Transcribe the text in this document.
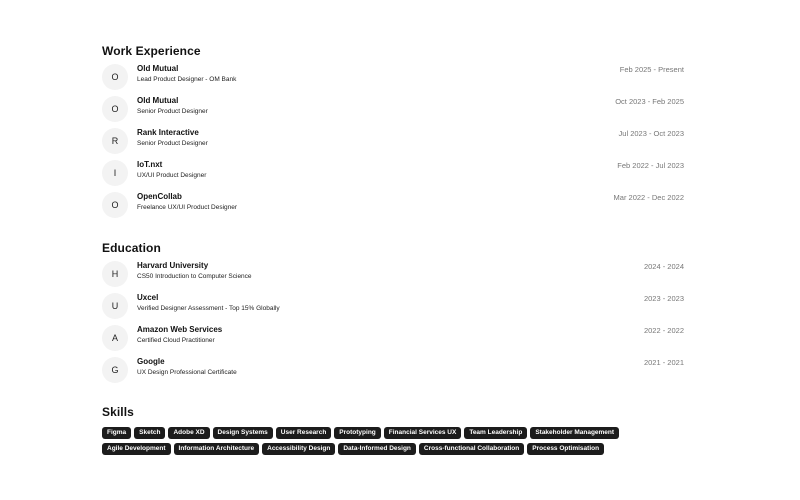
Work Experience
O
Old Mutual
Lead Product Designer - OM Bank
Feb 2025 - Present
O
Old Mutual
Senior Product Designer
Oct 2023 - Feb 2025
R
Rank Interactive
Senior Product Designer
Jul 2023 - Oct 2023
I
IoT.nxt
UX/UI Product Designer
Feb 2022 - Jul 2023
O
OpenCollab
Freelance UX/UI Product Designer
Mar 2022 - Dec 2022
Education
H
Harvard University
CS50 Introduction to Computer Science
2024 - 2024
U
Uxcel
Verified Designer Assessment - Top 15% Globally
2023 - 2023
A
Amazon Web Services
Certified Cloud Practitioner
2022 - 2022
G
Google
UX Design Professional Certificate
2021 - 2021
Skills
Figma	Sketch	Adobe XD	Design Systems	User Research	Prototyping	Financial Services UX	Team Leadership	Stakeholder Management
Agile Development	Information Architecture	Accessibility Design	Data-Informed Design	Cross-functional Collaboration	Process Optimisation
